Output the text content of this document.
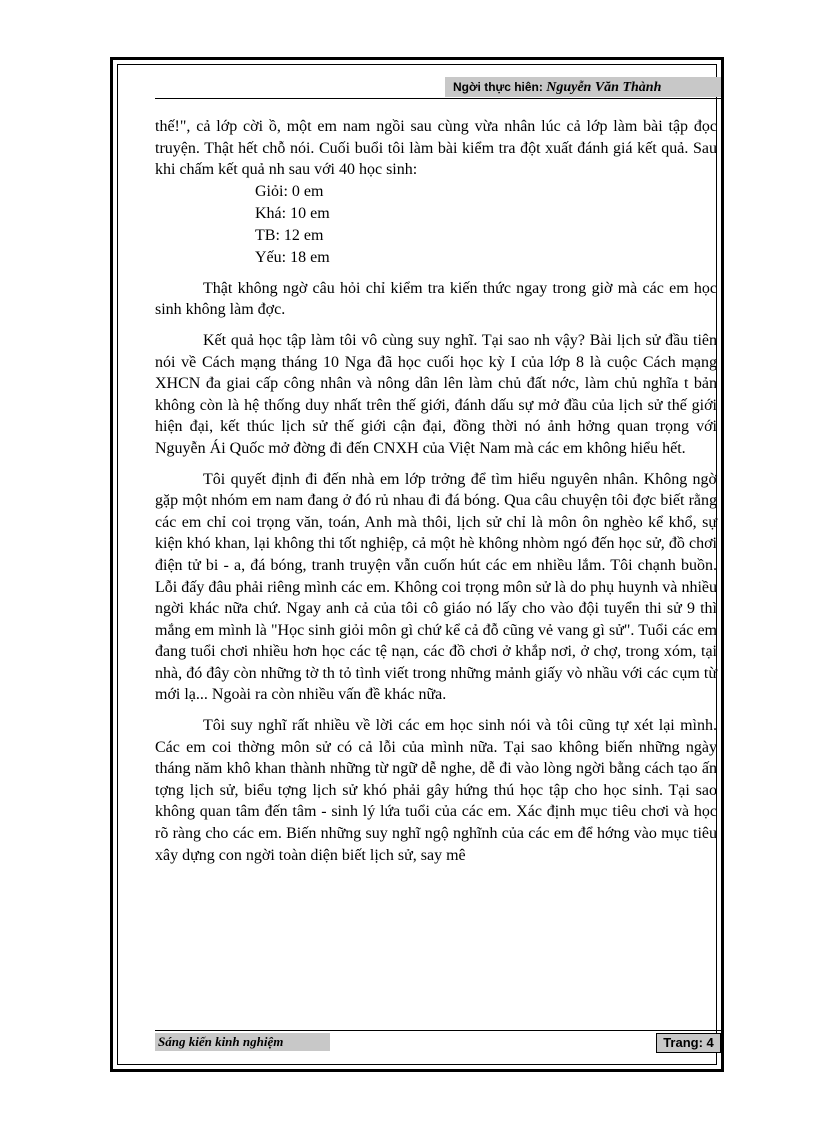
Ngời thực hiên: Nguyễn Văn Thành

thế!", cả lớp cời ồ, một em nam ngồi sau cùng vừa nhân lúc cả lớp làm bài tập đọc truyện. Thật hết chỗ nói. Cuối buổi tôi làm bài kiểm tra đột xuất đánh giá kết quả. Sau khi chấm kết quả nh sau với 40 học sinh:

Giỏi: 0 em
Khá: 10 em
TB: 12 em
Yếu: 18 em

Thật không ngờ câu hỏi chỉ kiểm tra kiến thức ngay trong giờ mà các em học sinh không làm đợc.

Kết quả học tập làm tôi vô cùng suy nghĩ. Tại sao nh vậy? Bài lịch sử đầu tiên nói về Cách mạng tháng 10 Nga đã học cuối học kỳ I của lớp 8 là cuộc Cách mạng XHCN đa giai cấp công nhân và nông dân lên làm chủ đất nớc, làm chủ nghĩa t bản không còn là hệ thống duy nhất trên thế giới, đánh dấu sự mở đầu của lịch sử thế giới hiện đại, kết thúc lịch sử thế giới cận đại, đồng thời nó ảnh hởng quan trọng với Nguyễn Ái Quốc mở đờng đi đến CNXH của Việt Nam mà các em không hiểu hết.

Tôi quyết định đi đến nhà em lớp trởng để tìm hiểu nguyên nhân. Không ngờ gặp một nhóm em nam đang ở đó rủ nhau đi đá bóng. Qua câu chuyện tôi đợc biết rằng các em chỉ coi trọng văn, toán, Anh mà thôi, lịch sử chỉ là môn ôn nghèo kể khổ, sự kiện khó khan, lại không thi tốt nghiệp, cả một hè không nhòm ngó đến học sử, đồ chơi điện tử bi - a, đá bóng, tranh truyện vẫn cuốn hút các em nhiều lắm. Tôi chạnh buồn. Lỗi đấy đâu phải riêng mình các em. Không coi trọng môn sử là do phụ huynh và nhiều ngời khác nữa chứ. Ngay anh cả của tôi cô giáo nó lấy cho vào đội tuyển thi sử 9 thì mắng em mình là "Học sinh giỏi môn gì chứ kể cả đỗ cũng vẻ vang gì sử". Tuổi các em đang tuổi chơi nhiều hơn học các tệ nạn, các đồ chơi ở khắp nơi, ở chợ, trong xóm, tại nhà, đó đây còn những tờ th tỏ tình viết trong những mảnh giấy vò nhầu với các cụm từ mới lạ... Ngoài ra còn nhiều vấn đề khác nữa.

Tôi suy nghĩ rất nhiều về lời các em học sinh nói và tôi cũng tự xét lại mình. Các em coi thờng môn sử có cả lỗi của mình nữa. Tại sao không biến những ngày tháng năm khô khan thành những từ ngữ dễ nghe, dễ đi vào lòng ngời bằng cách tạo ấn tợng lịch sử, biểu tợng lịch sử khó phải gây hứng thú học tập cho học sinh. Tại sao không quan tâm đến tâm - sinh lý lứa tuổi của các em. Xác định mục tiêu chơi và học rõ ràng cho các em. Biến những suy nghĩ ngộ nghĩnh của các em để hớng vào mục tiêu xây dựng con ngời toàn diện biết lịch sử, say mê

Sáng kiến kinh nghiệm	Trang: 4
